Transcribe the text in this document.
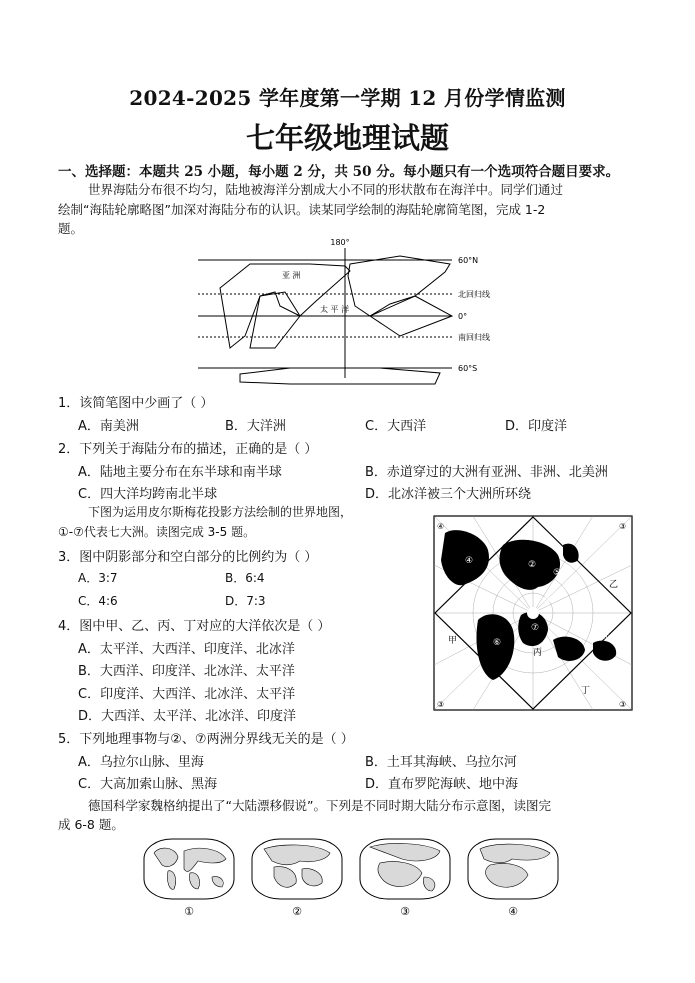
2024-2025 学年度第一学期 12 月份学情监测
七年级地理试题
一、选择题：本题共 25 小题，每小题 2 分，共 50 分。每小题只有一个选项符合题目要求。
世界海陆分布很不均匀，陆地被海洋分割成大小不同的形状散布在海洋中。同学们通过
绘制“海陆轮廓略图”加深对海陆分布的认识。读某同学绘制的海陆轮廓简笔图，完成 1-2
题。
180°
60°N
北回归线
0°
南回归线
60°S
亚 洲
太 平 洋
1．该简笔图中少画了（ ）
A．南美洲	B．大洋洲	C．大西洋	D．印度洋
2．下列关于海陆分布的描述，正确的是（ ）
A．陆地主要分布在东半球和南半球	B．赤道穿过的大洲有亚洲、非洲、北美洲
C．四大洋均跨南北半球	D．北冰洋被三个大洲所环绕
下图为运用皮尔斯梅花投影方法绘制的世界地图，
①-⑦代表七大洲。读图完成 3-5 题。
④	②
⑤
③
⑥
⑦
乙
甲
丙
丁
①
④	③
③	③
3．图中阴影部分和空白部分的比例约为（ ）
A．3:7	B．6:4
C．4:6	D．7:3
4．图中甲、乙、丙、丁对应的大洋依次是（ ）
A．太平洋、大西洋、印度洋、北冰洋
B．大西洋、印度洋、北冰洋、太平洋
C．印度洋、大西洋、北冰洋、太平洋
D．大西洋、太平洋、北冰洋、印度洋
5．下列地理事物与②、⑦两洲分界线无关的是（ ）
A．乌拉尔山脉、里海	B．土耳其海峡、乌拉尔河
C．大高加索山脉、黑海	D．直布罗陀海峡、地中海
德国科学家魏格纳提出了“大陆漂移假说”。下列是不同时期大陆分布示意图，读图完
成 6-8 题。
①	②	③	④
